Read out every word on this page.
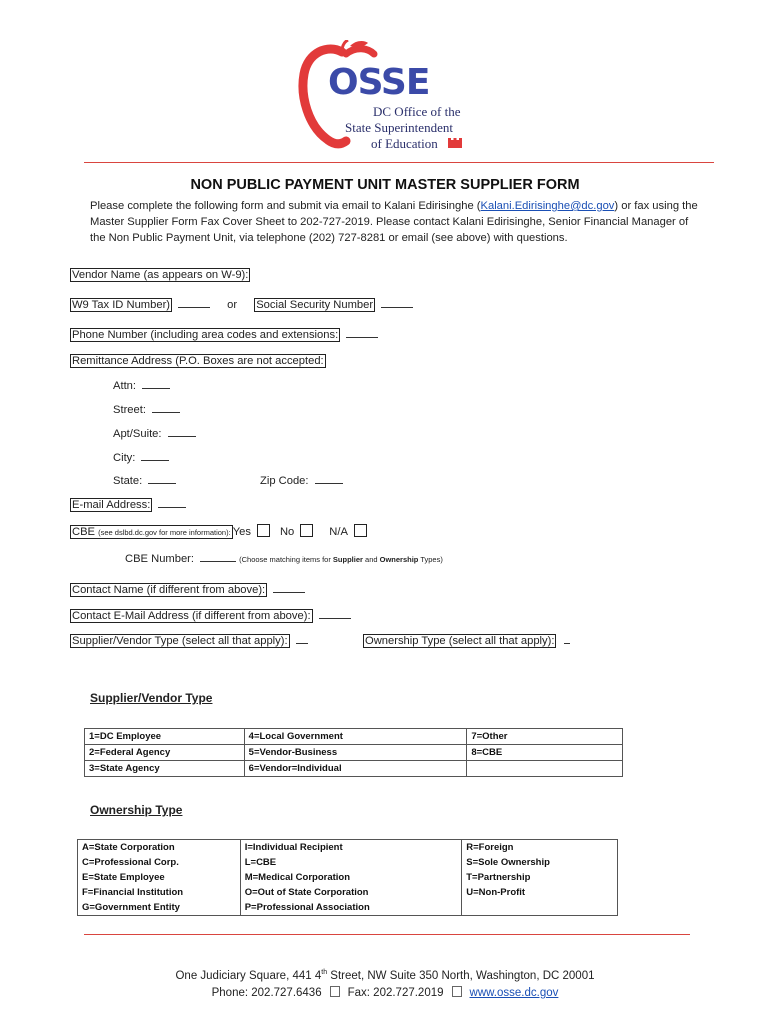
OSSE
DC Office of the
State Superintendent
of Education
NON PUBLIC PAYMENT UNIT MASTER SUPPLIER FORM
Please complete the following form and submit via email to Kalani Edirisinghe (Kalani.Edirisinghe@dc.gov) or fax using the Master Supplier Form Fax Cover Sheet to 202-727-2019. Please contact Kalani Edirisinghe, Senior Financial Manager of the Non Public Payment Unit, via telephone (202) 727-8281 or email (see above) with questions.
Vendor Name (as appears on W-9):
W9 Tax ID Number)	or Social Security Number
Phone Number (including area codes and extensions:
Remittance Address (P.O. Boxes are not accepted:
Attn:
Street:
Apt/Suite:
City:
State:	Zip Code:
E-mail Address:
CBE (see dslbd.dc.gov for more information): Yes	No	N/A
CBE Number:	(Choose matching items for Supplier and Ownership Types)
Contact Name (if different from above):
Contact E-Mail Address (if different from above):
Supplier/Vendor Type (select all that apply):	Ownership Type (select all that apply):
Supplier/Vendor Type
1=DC Employee	4=Local Government	7=Other
2=Federal Agency	5=Vendor-Business	8=CBE
3=State Agency	6=Vendor=Individual	
Ownership Type
A=State Corporation	I=Individual Recipient	R=Foreign
C=Professional Corp.	L=CBE	S=Sole Ownership
E=State Employee	M=Medical Corporation	T=Partnership
F=Financial Institution	O=Out of State Corporation	U=Non-Profit
G=Government Entity	P=Professional Association	
One Judiciary Square, 441 4th Street, NW Suite 350 North, Washington, DC 20001
Phone: 202.727.6436 Fax: 202.727.2019 www.osse.dc.gov
